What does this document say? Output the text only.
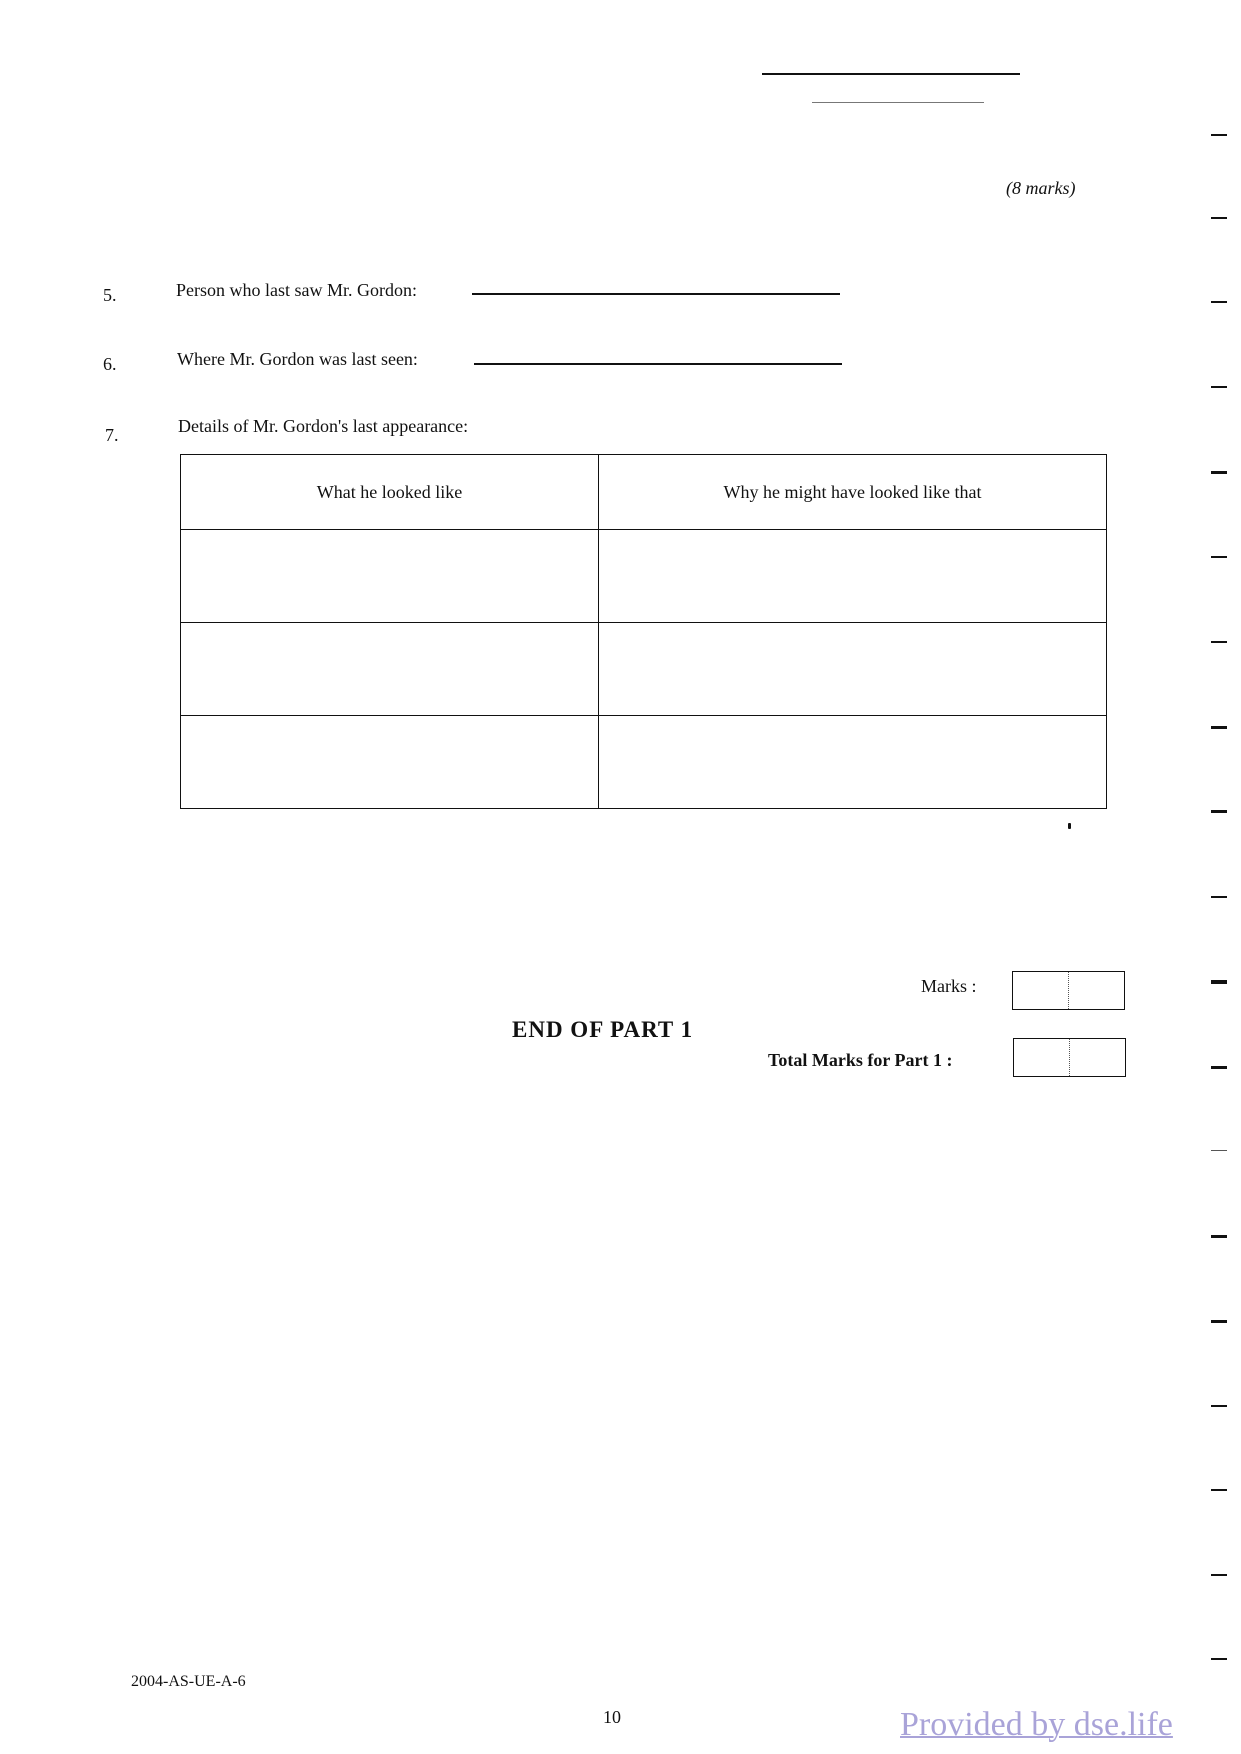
(8 marks)
5.	Person who last saw Mr. Gordon:
6.	Where Mr. Gordon was last seen:
7.	Details of Mr. Gordon's last appearance:
What he looked like	Why he might have looked like that

Marks :
END OF PART 1
Total Marks for Part 1 :
2004-AS-UE-A-6
10	Provided by dse.life
